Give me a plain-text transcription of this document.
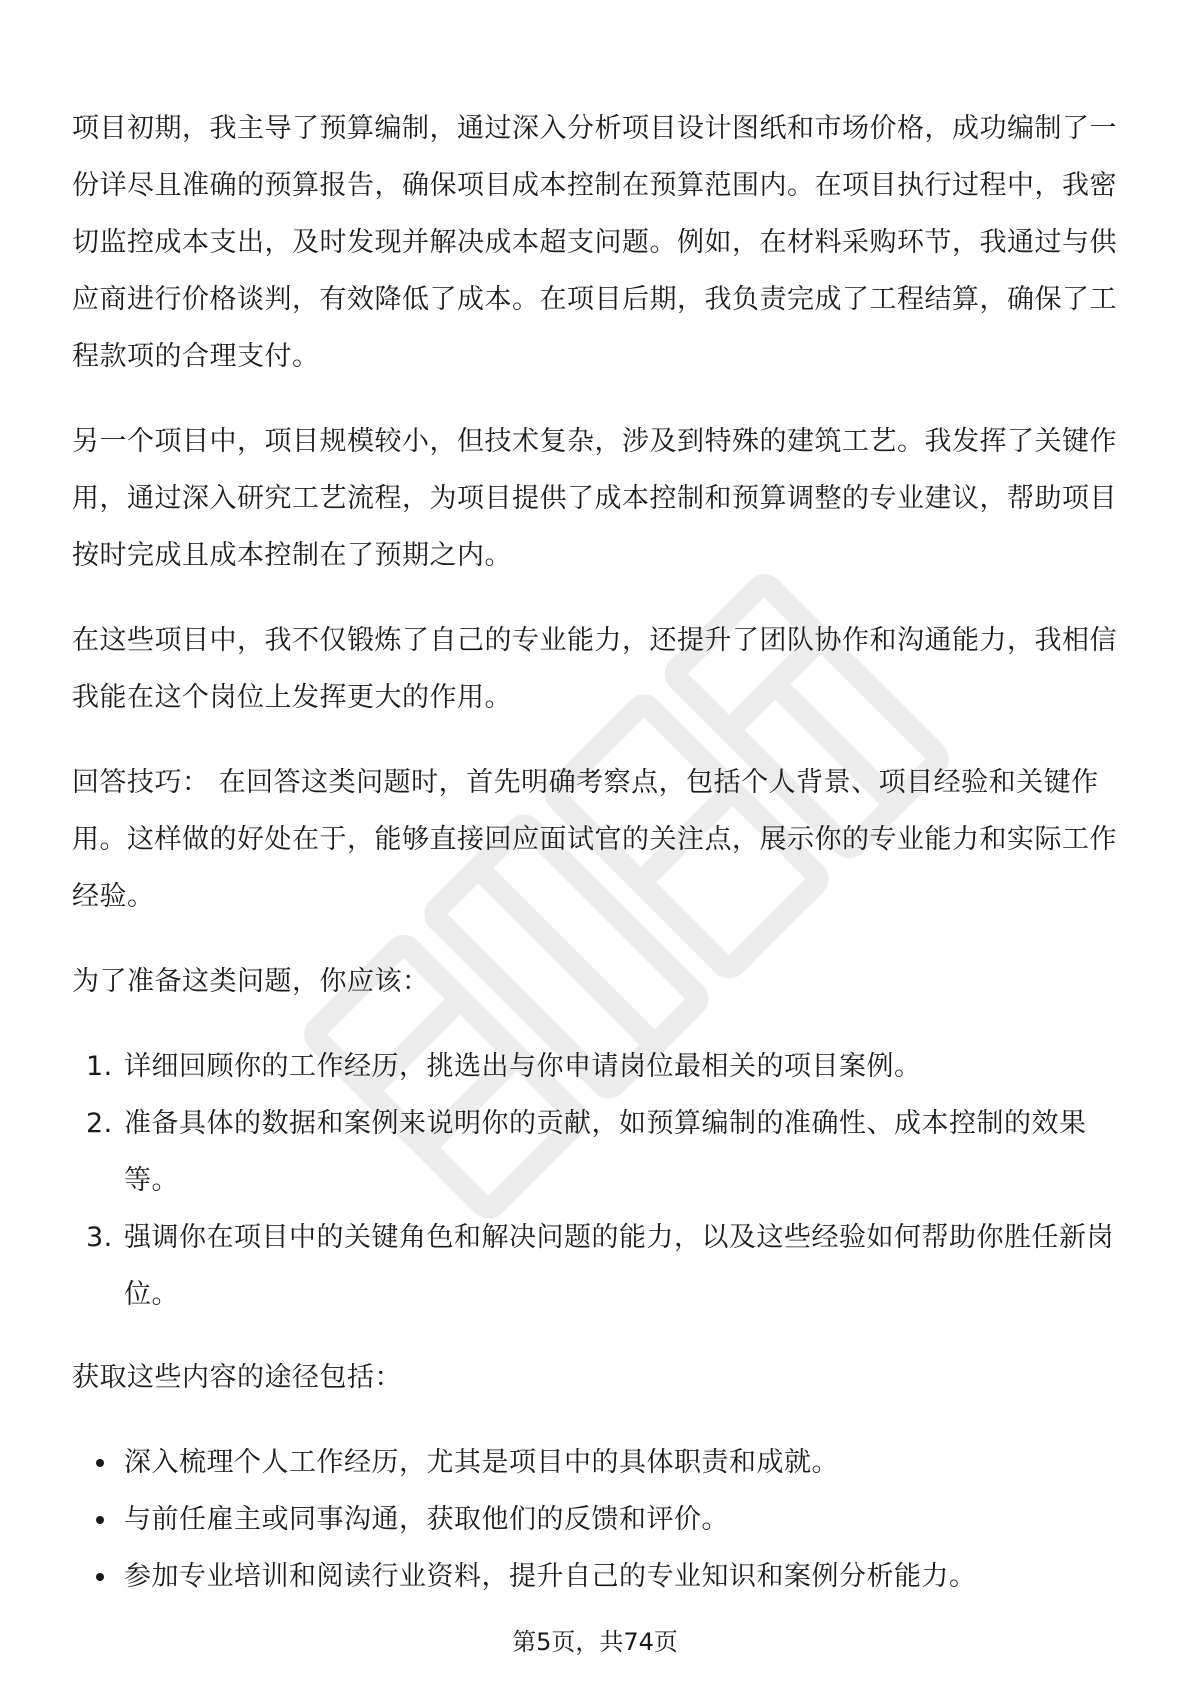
项目初期，我主导了预算编制，通过深入分析项目设计图纸和市场价格，成功编制了一份详尽且准确的预算报告，确保项目成本控制在预算范围内。在项目执行过程中，我密切监控成本支出，及时发现并解决成本超支问题。例如，在材料采购环节，我通过与供应商进行价格谈判，有效降低了成本。在项目后期，我负责完成了工程结算，确保了工程款项的合理支付。

另一个项目中，项目规模较小，但技术复杂，涉及到特殊的建筑工艺。我发挥了关键作用，通过深入研究工艺流程，为项目提供了成本控制和预算调整的专业建议，帮助项目按时完成且成本控制在了预期之内。

在这些项目中，我不仅锻炼了自己的专业能力，还提升了团队协作和沟通能力，我相信我能在这个岗位上发挥更大的作用。

回答技巧： 在回答这类问题时，首先明确考察点，包括个人背景、项目经验和关键作用。这样做的好处在于，能够直接回应面试官的关注点，展示你的专业能力和实际工作经验。

为了准备这类问题，你应该：

1. 详细回顾你的工作经历，挑选出与你申请岗位最相关的项目案例。
2. 准备具体的数据和案例来说明你的贡献，如预算编制的准确性、成本控制的效果等。
3. 强调你在项目中的关键角色和解决问题的能力，以及这些经验如何帮助你胜任新岗位。

获取这些内容的途径包括：

深入梳理个人工作经历，尤其是项目中的具体职责和成就。
与前任雇主或同事沟通，获取他们的反馈和评价。
参加专业培训和阅读行业资料，提升自己的专业知识和案例分析能力。
第5页，共74页
